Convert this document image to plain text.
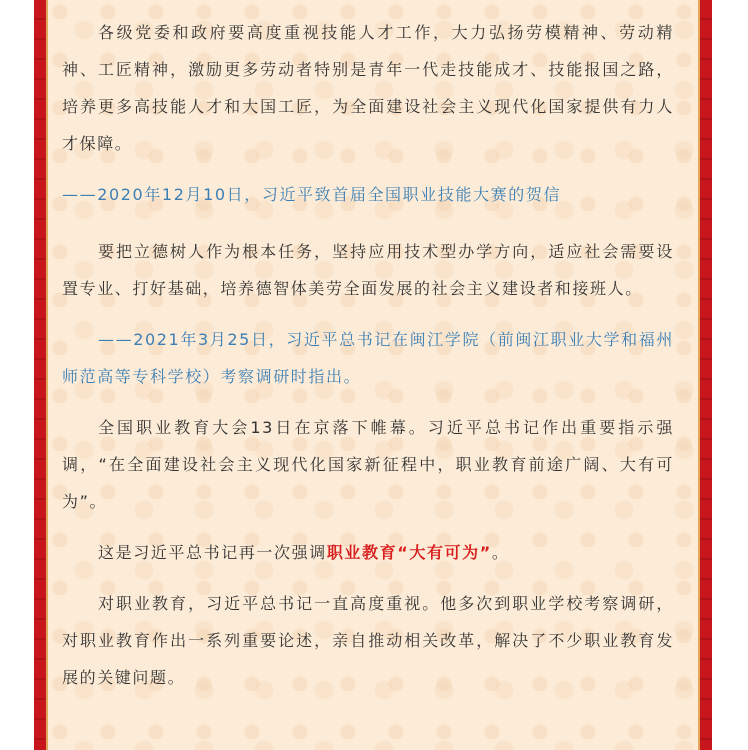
各级党委和政府要高度重视技能人才工作，大力弘扬劳模精神、劳动精神、工匠精神，激励更多劳动者特别是青年一代走技能成才、技能报国之路，培养更多高技能人才和大国工匠，为全面建设社会主义现代化国家提供有力人才保障。

——2020年12月10日，习近平致首届全国职业技能大赛的贺信

要把立德树人作为根本任务，坚持应用技术型办学方向，适应社会需要设置专业、打好基础，培养德智体美劳全面发展的社会主义建设者和接班人。

——2021年3月25日，习近平总书记在闽江学院（前闽江职业大学和福州师范高等专科学校）考察调研时指出。

全国职业教育大会13日在京落下帷幕。习近平总书记作出重要指示强调，“在全面建设社会主义现代化国家新征程中，职业教育前途广阔、大有可为”。

这是习近平总书记再一次强调职业教育“大有可为”。

对职业教育，习近平总书记一直高度重视。他多次到职业学校考察调研，对职业教育作出一系列重要论述，亲自推动相关改革，解决了不少职业教育发展的关键问题。
